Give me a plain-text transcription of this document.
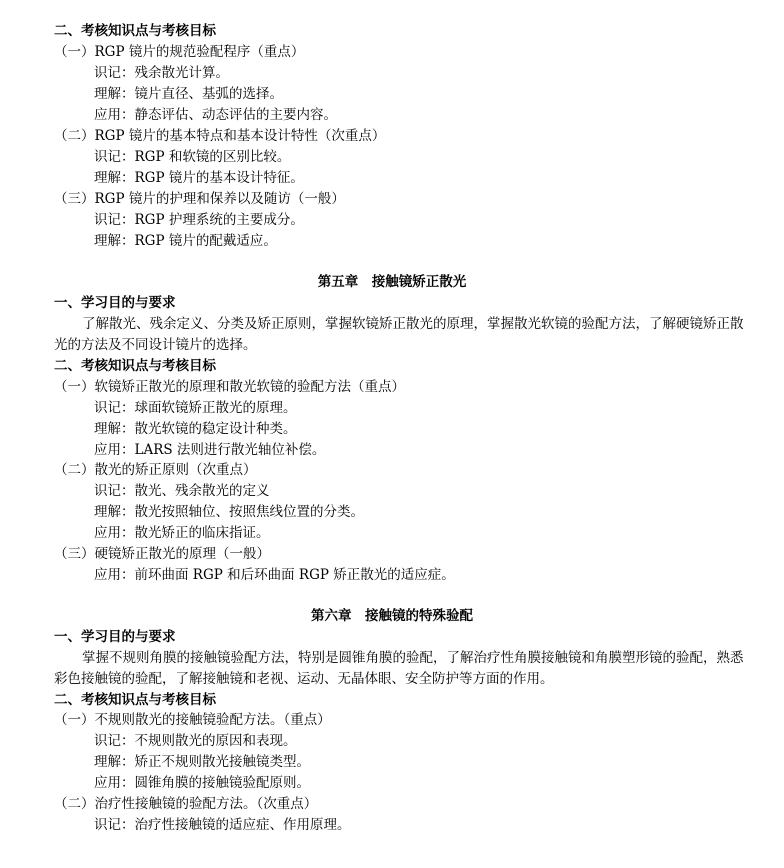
二、考核知识点与考核目标
（一）RGP 镜片的规范验配程序（重点）
识记：残余散光计算。
理解：镜片直径、基弧的选择。
应用：静态评估、动态评估的主要内容。
（二）RGP 镜片的基本特点和基本设计特性（次重点）
识记：RGP 和软镜的区别比较。
理解：RGP 镜片的基本设计特征。
（三）RGP 镜片的护理和保养以及随访（一般）
识记：RGP 护理系统的主要成分。
理解：RGP 镜片的配戴适应。
第五章　接触镜矫正散光
一、学习目的与要求
了解散光、残余定义、分类及矫正原则，掌握软镜矫正散光的原理，掌握散光软镜的验配方法，了解硬镜矫正散光的方法及不同设计镜片的选择。
二、考核知识点与考核目标
（一）软镜矫正散光的原理和散光软镜的验配方法（重点）
识记：球面软镜矫正散光的原理。
理解：散光软镜的稳定设计种类。
应用：LARS 法则进行散光轴位补偿。
（二）散光的矫正原则（次重点）
识记：散光、残余散光的定义
理解：散光按照轴位、按照焦线位置的分类。
应用：散光矫正的临床指证。
（三）硬镜矫正散光的原理（一般）
应用：前环曲面 RGP 和后环曲面 RGP 矫正散光的适应症。
第六章　接触镜的特殊验配
一、学习目的与要求
掌握不规则角膜的接触镜验配方法，特别是圆锥角膜的验配，了解治疗性角膜接触镜和角膜塑形镜的验配，熟悉彩色接触镜的验配，了解接触镜和老视、运动、无晶体眼、安全防护等方面的作用。
二、考核知识点与考核目标
（一）不规则散光的接触镜验配方法。（重点）
识记：不规则散光的原因和表现。
理解：矫正不规则散光接触镜类型。
应用：圆锥角膜的接触镜验配原则。
（二）治疗性接触镜的验配方法。（次重点）
识记：治疗性接触镜的适应症、作用原理。
